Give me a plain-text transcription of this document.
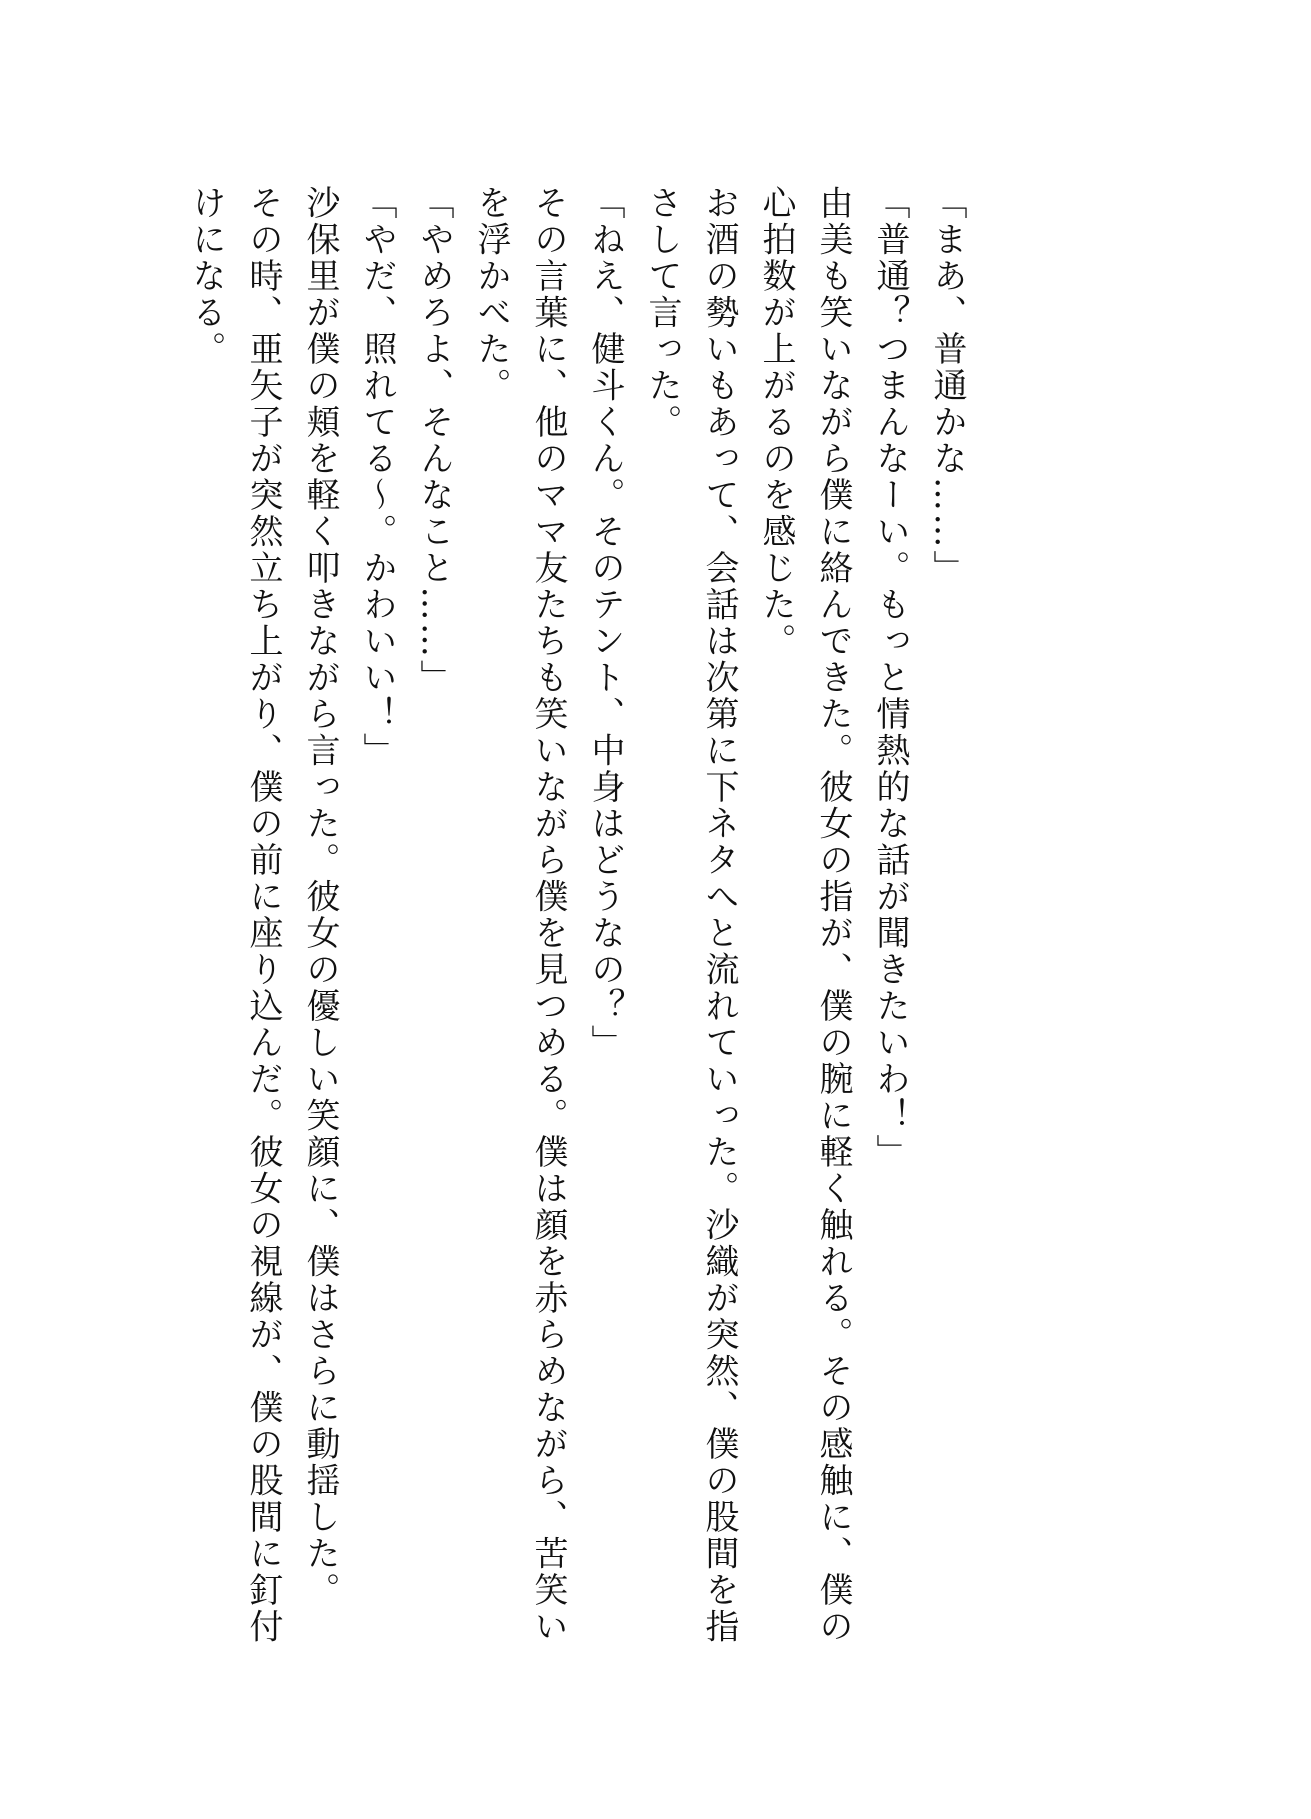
「まあ、普通かな……」

「普通？つまんなーい。もっと情熱的な話が聞きたいわ！」

由美も笑いながら僕に絡んできた。彼女の指が、僕の腕に軽く触れる。その感触に、僕の

心拍数が上がるのを感じた。

お酒の勢いもあって、会話は次第に下ネタへと流れていった。沙織が突然、僕の股間を指

さして言った。

「ねえ、健斗くん。そのテント、中身はどうなの？」

その言葉に、他のママ友たちも笑いながら僕を見つめる。僕は顔を赤らめながら、苦笑い

を浮かべた。

「やめろよ、そんなこと……」

「やだ、照れてる～。かわいい！」

沙保里が僕の頬を軽く叩きながら言った。彼女の優しい笑顔に、僕はさらに動揺した。

その時、亜矢子が突然立ち上がり、僕の前に座り込んだ。彼女の視線が、僕の股間に釘付

けになる。
